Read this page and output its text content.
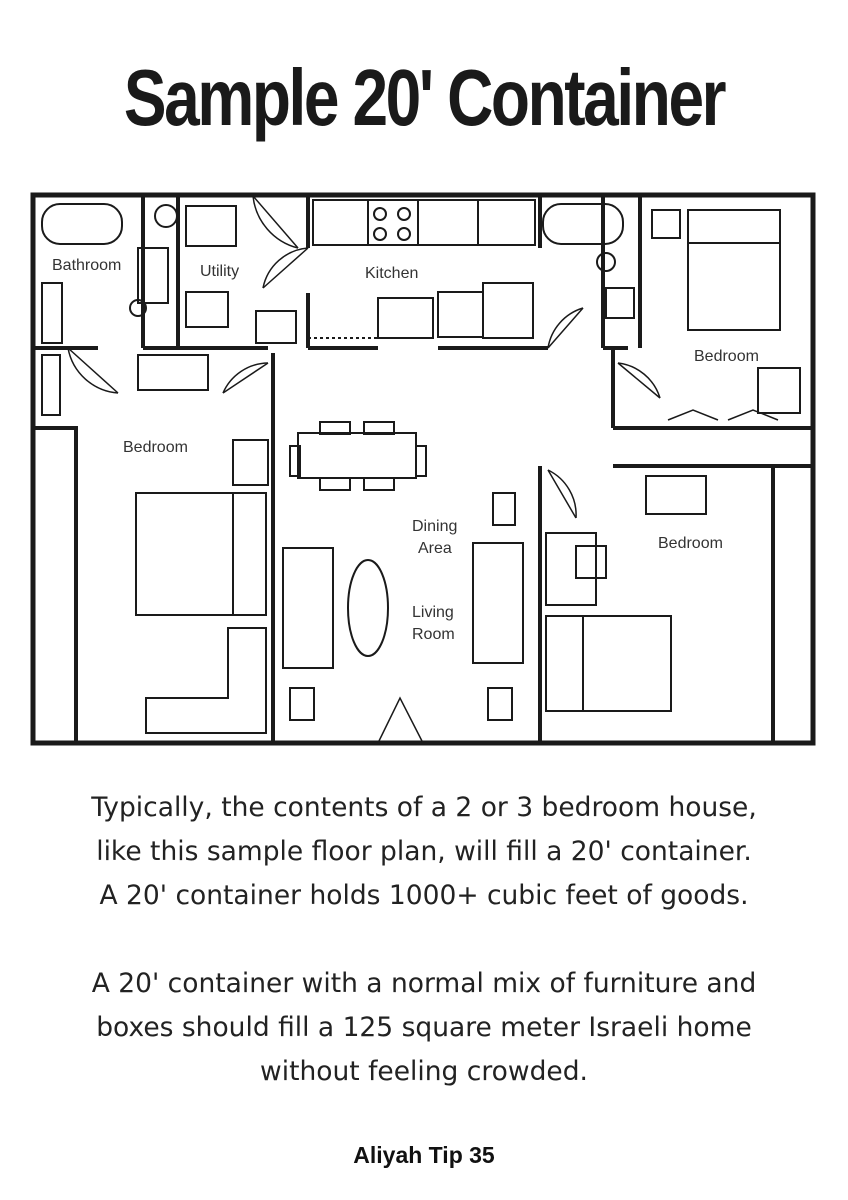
Sample 20' Container
Bathroom	Utility	Kitchen
Bedroom
Bedroom
Dining
Area
Living
Room
Bedroom

Typically, the contents of a 2 or 3 bedroom house,
like this sample floor plan, will fill a 20' container.
A 20' container holds 1000+ cubic feet of goods.

A 20' container with a normal mix of furniture and
boxes should fill a 125 square meter Israeli home
without feeling crowded.

Aliyah Tip 35
